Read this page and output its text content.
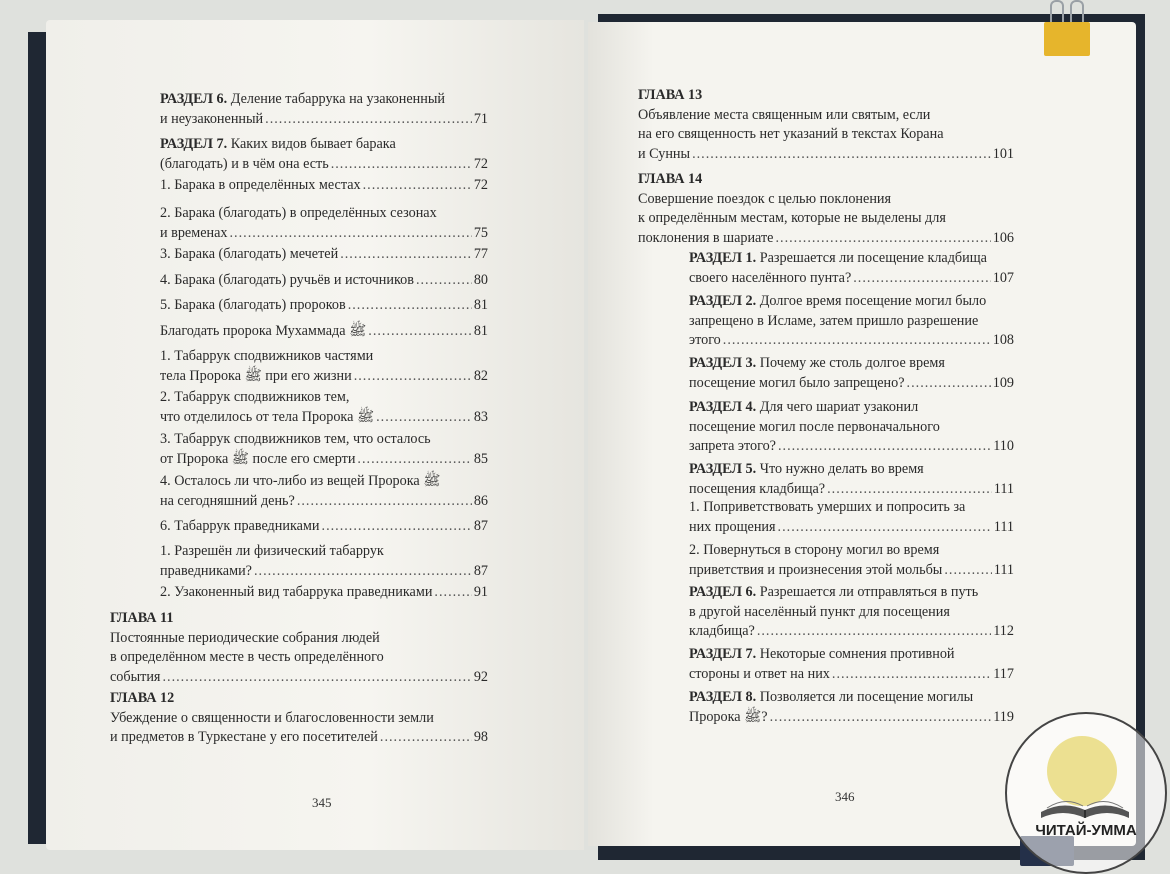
РАЗДЕЛ 6. Деление табаррука на узаконенный
и неузаконенный .....	71
РАЗДЕЛ 7. Каких видов бывает барака
(благодать) и в чём она есть .....	72
1. Барака в определённых местах .....	72
2. Барака (благодать) в определённых сезонах
и временах .....	75
3. Барака (благодать) мечетей .....	77
4. Барака (благодать) ручьёв и источников .....	80
5. Барака (благодать) пророков .....	81
Благодать пророка Мухаммада ﷺ .....	81
1. Табаррук сподвижников частями
тела Пророка ﷺ при его жизни .....	82
2. Табаррук сподвижников тем,
что отделилось от тела Пророка ﷺ .....	83
3. Табаррук сподвижников тем, что осталось
от Пророка ﷺ после его смерти .....	85
4. Осталось ли что-либо из вещей Пророка ﷺ
на сегодняшний день? .....	86
6. Табаррук праведниками .....	87
1. Разрешён ли физический табаррук
праведниками? .....	87
2. Узаконенный вид табаррука праведниками .....	91
ГЛАВА 11
Постоянные периодические собрания людей
в определённом месте в честь определённого
события .....	92
ГЛАВА 12
Убеждение о священности и благословенности земли
и предметов в Туркестане у его посетителей .....	98
345
ГЛАВА 13
Объявление места священным или святым, если
на его священность нет указаний в текстах Корана
и Сунны .....	101
ГЛАВА 14
Совершение поездок с целью поклонения
к определённым местам, которые не выделены для
поклонения в шариате .....	106
РАЗДЕЛ 1. Разрешается ли посещение кладбища
своего населённого пунта? .....	107
РАЗДЕЛ 2. Долгое время посещение могил было
запрещено в Исламе, затем пришло разрешение
этого .....	108
РАЗДЕЛ 3. Почему же столь долгое время
посещение могил было запрещено? .....	109
РАЗДЕЛ 4. Для чего шариат узаконил
посещение могил после первоначального
запрета этого? .....	110
РАЗДЕЛ 5. Что нужно делать во время
посещения кладбища? .....	111
1. Поприветствовать умерших и попросить за
них прощения .....	111
2. Повернуться в сторону могил во время
приветствия и произнесения этой мольбы .....	111
РАЗДЕЛ 6. Разрешается ли отправляться в путь
в другой населённый пункт для посещения
кладбища? .....	112
РАЗДЕЛ 7. Некоторые сомнения противной
стороны и ответ на них .....	117
РАЗДЕЛ 8. Позволяется ли посещение могилы
Пророка ﷺ? .....	119
346
ЧИТАЙ-УММА
